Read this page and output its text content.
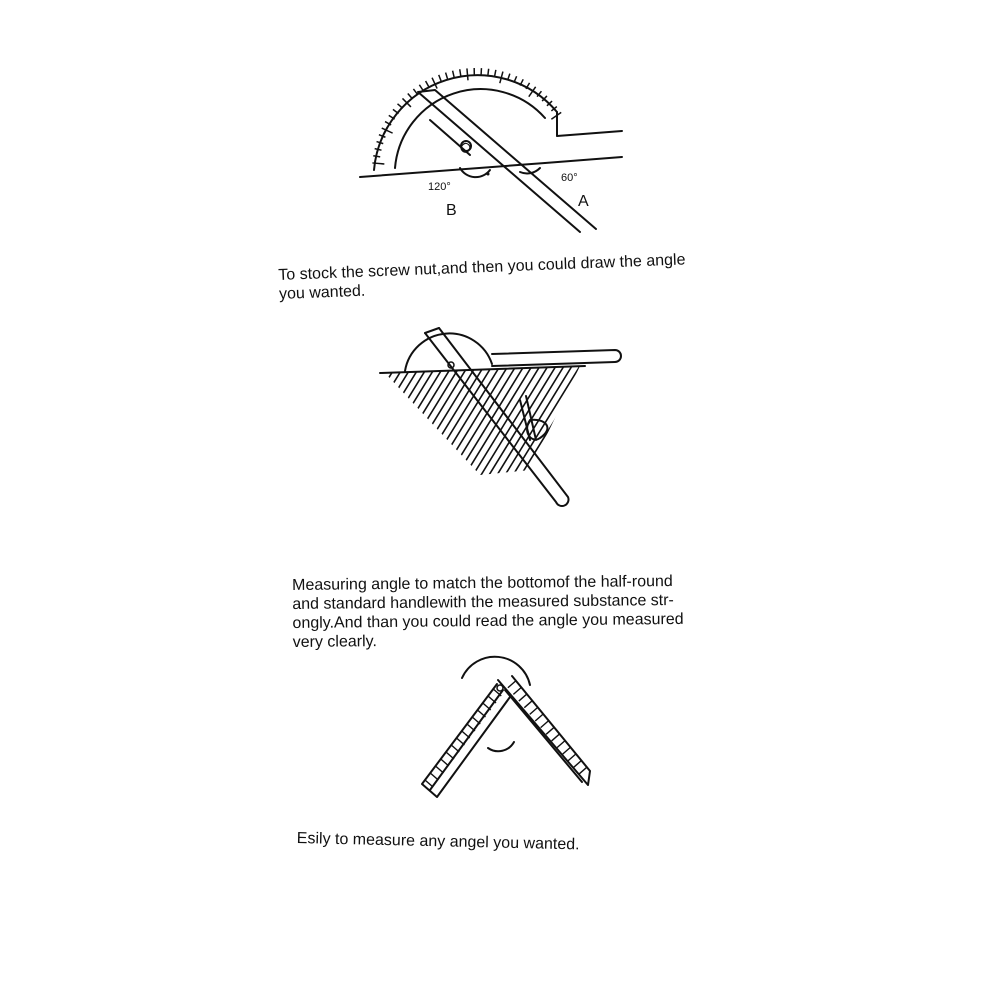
120°
60°
B
A
O
To stock the screw nut,and then you could draw the angle
you wanted.
Measuring angle to match the bottomof the half-round
and standard handlewith the measured substance str-
ongly.And than you could read the angle you measured
very clearly.
Esily to measure any angel you wanted.
